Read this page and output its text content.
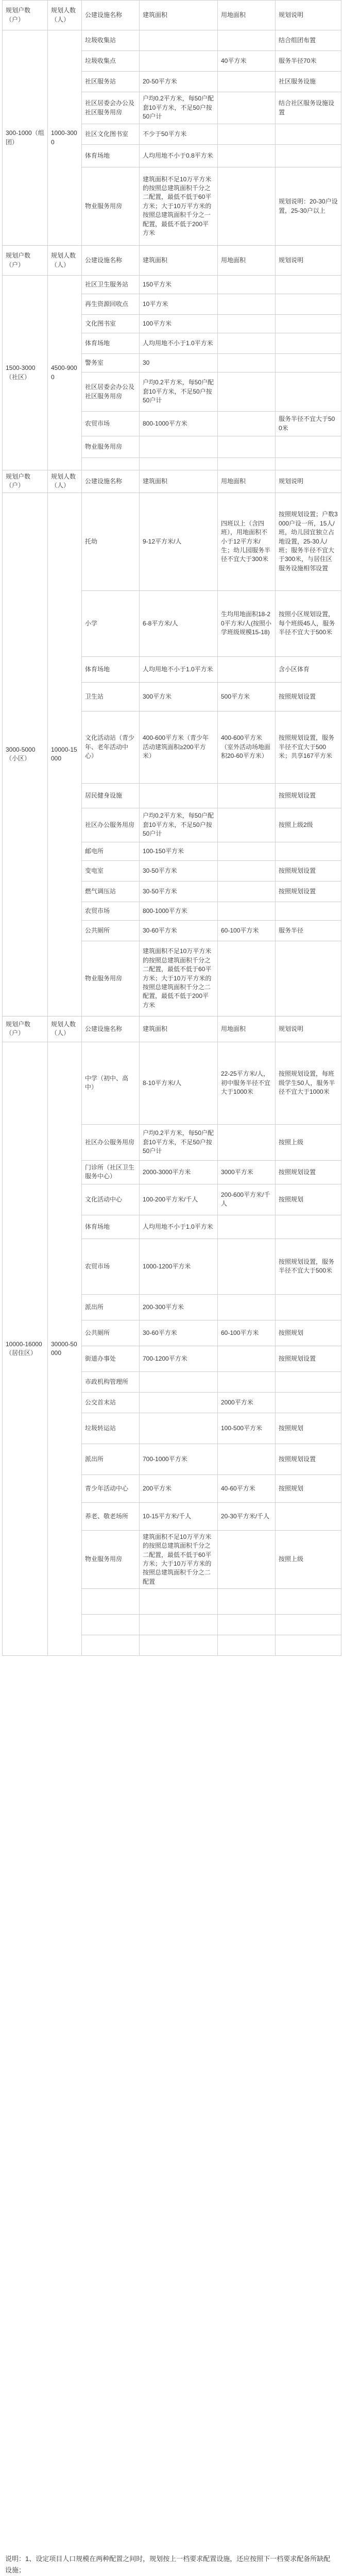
规划户数（户）	规划人数（人）	公建设施名称	建筑面积	用地面积	规划说明
300-1000（组团）	1000-3000	垃圾收集站			结合组团布置
		垃圾收集点		40平方米	服务半径70米
		社区服务站	20-50平方米		社区服务设施
		社区居委会办公及社区服务用房	户均0.2平方米，每50户配套10平方米，不足50户按50户计		结合社区服务设施设置
		社区文化图书室	不少于50平方米		
		体育场地	人均用地不小于0.8平方米		
		物业服务用房	建筑面积不足10万平方米的按照总建筑面积千分之二配置，最低不低于60平方米；大于10万平方米的按照总建筑面积千分之一配置，最低不低于200平方米		规划说明：20-30户设置，25-30户以上
规划户数（户）	规划人数（人）	公建设施名称	建筑面积	用地面积	规划说明
1500-3000（社区）	4500-9000	社区卫生服务站	150平方米		
		再生资源回收点	10平方米		
		文化图书室	100平方米		
		体育场地	人均用地不小于1.0平方米		
		警务室	30		
		社区居委会办公及社区服务用房	户均0.2平方米，每50户配套10平方米，不足50户按50户计		
		农贸市场	800-1000平方米		服务半径不宜大于500米
		物业服务用房			

规划户数（户）	规划人数（人）	公建设施名称	建筑面积	用地面积	规划说明
3000-5000（小区）	10000-15000	托幼	9-12平方米/人	四班以上（含四班），用地面积不小于12平方米/生；幼儿园服务半径不宜大于300米	按照规划设置；户数3000户设一所，15人/班，幼儿园宜独立占地设置，25-30人/班；服务半径不宜大于300米，与居住区服务设施相邻设置
		小学	6-8平方米/人	生均用地面积18-20平方米/人(按照小学班级规模15-18)	按照小区规划设置，每个班级45人，服务半径不宜大于500米
		体育场地	人均用地不小于1.0平方米		含小区体育
		卫生站	300平方米	500平方米	按照规划设置
		文化活动站（青少年、老年活动中心）	400-600平方米（青少年活动建筑面积≥200平方米）	400-600平方米（室外活动场地面积20-60平方米）	按照规划设置，服务半径不宜大于500米；共享167平方米
		居民健身设施			按照规划设置
		社区办公服务用房	户均0.2平方米，每50户配套10平方米，不足50户按50户计		按照上级2级
		邮电所	100-150平方米		
		变电室	30-50平方米		按照规划设置
		燃气调压站	30-50平方米		按照规划设置
		农贸市场	800-1000平方米		
		公共厕所	30-60平方米	60-100平方米	服务半径
		物业服务用房	建筑面积不足10万平方米的按照总建筑面积千分之二配置，最低不低于60平方米；大于10万平方米的按照总建筑面积千分之二配置，最低不低于200平方米		
规划户数（户）	规划人数（人）	公建设施名称	建筑面积	用地面积	规划说明
10000-16000（居住区）	30000-50000	中学（初中、高中）	8-10平方米/人	22-25平方米/人，初中服务半径不宜大于1000米	按照规划设置，每班级学生50人，服务半径不宜大于1000米
		社区办公服务用房	户均0.2平方米，每50户配套10平方米，不足50户按50户计		按照上级
		门诊所（社区卫生服务中心）	2000-3000平方米	3000平方米	按照规划设置
		文化活动中心	100-200平方米/千人	200-600平方米/千人	按照规划
		体育场地	人均用地不小于1.0平方米		
		农贸市场	1000-1200平方米		按照规划设置，服务半径不宜大于500米
		派出所	200-300平方米		
		公共厕所	30-60平方米	60-100平方米	按照规划
		街道办事处	700-1200平方米		按照规划设置
		市政机构管理所			
		公交首末站		2000平方米	
		垃圾转运站		100-500平方米	按照规划
		派出所	700-1000平方米		按照规划设置
		青少年活动中心	200平方米	40-60平方米	按照规划
		养老、敬老场所	10-15平方米/千人	20-30平方米/千人	
		物业服务用房	建筑面积不足10万平方米的按照总建筑面积千分之二配置，最低不低于60平方米；大于10万平方米的按照总建筑面积千分之二配置		按照上级

说明：1、设定项目人口规模在两种配置之间时，规划按上一档要求配置设施，还应按照下一档要求配备所缺配设施；
